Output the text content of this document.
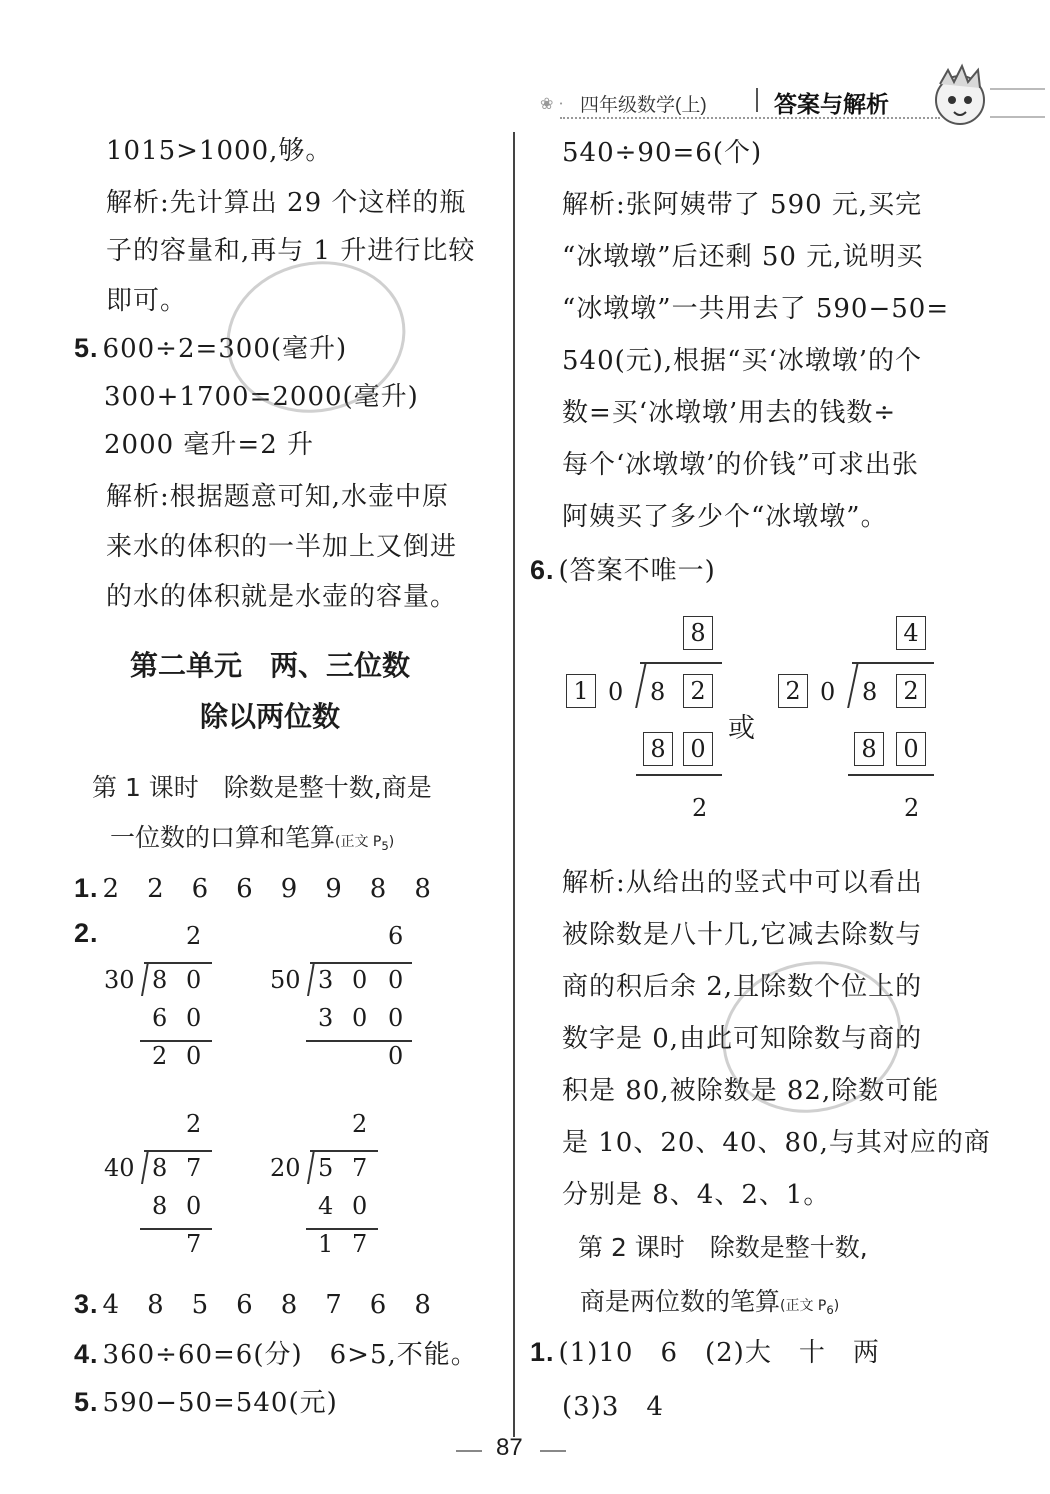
❀ · 四年级数学(上)	答案与解析
1015>1000,够。
解析:先计算出 29 个这样的瓶
子的容量和,再与 1 升进行比较
即可。
5. 600÷2=300(毫升)
300+1700=2000(毫升)
2000 毫升=2 升
解析:根据题意可知,水壶中原
来水的体积的一半加上又倒进
的水的体积就是水壶的容量。
第二单元　两、三位数
除以两位数
第 1 课时　除数是整十数,商是
一位数的口算和笔算(正文 $P_5$)
1. 2　2　6　6　9　9　8　8
2.	2
30 8 0
6 0
2 0
6
50 3 0 0
3 0 0
0
2
40 8 7
8 0
7
2
20 5 7
4 0
1 7
3. 4　8　5　6　8　7　6　8
4. 360÷60=6(分)　6>5,不能。
5. 590−50=540(元)
540÷90=6(个)
解析:张阿姨带了 590 元,买完
“冰墩墩”后还剩 50 元,说明买
“冰墩墩”一共用去了 590−50=
540(元),根据“买‘冰墩墩’的个
数=买‘冰墩墩’用去的钱数÷
每个‘冰墩墩’的价钱”可求出张
阿姨买了多少个“冰墩墩”。
6. (答案不唯一)
8
1 0 8	2
8	0
2
或
4
2 0 8	2
8	0
2
解析:从给出的竖式中可以看出
被除数是八十几,它减去除数与
商的积后余 2,且除数个位上的
数字是 0,由此可知除数与商的
积是 80,被除数是 82,除数可能
是 10、20、40、80,与其对应的商
分别是 8、4、2、1。
第 2 课时　除数是整十数,
商是两位数的笔算(正文 $P_6$)
1. (1)10　6　(2)大　十　两
(3)3　4
87
